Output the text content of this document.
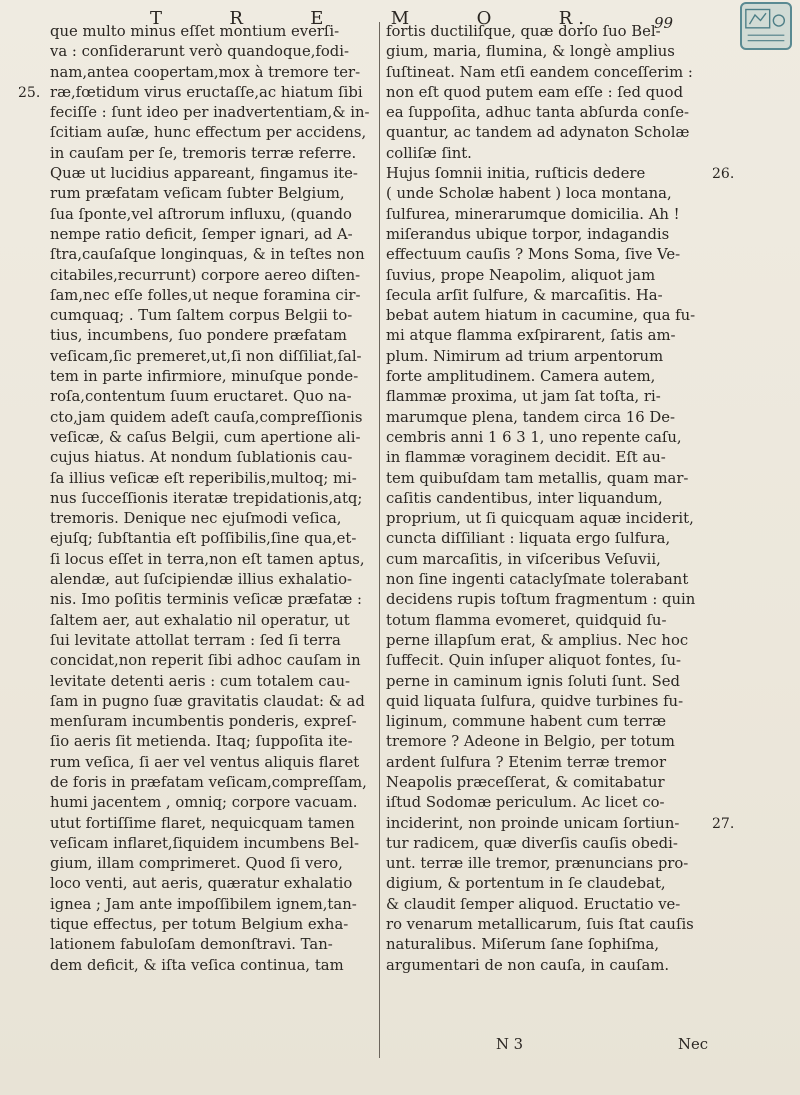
T	R	E	M	O	R.	99
25.
26.
27.
que multo minus eſſet montium everſi-
va : conſiderarunt verò quandoque,fodi-
nam,antea coopertam,mox à tremore ter-
ræ,fœtidum virus eructaſſe,ac hiatum ſibi
feciſſe : ſunt ideo per inadvertentiam,& in-
ſcitiam auſæ, hunc effectum per accidens,
in cauſam per ſe, tremoris terræ referre.
Quæ ut lucidius appareant, fingamus ite-
rum præfatam veſicam ſubter Belgium,
ſua ſponte,vel aſtrorum influxu, (quando
nempe ratio deficit, ſemper ignari, ad A-
ſtra,cauſaſque longinquas, & in teſtes non
citabiles,recurrunt) corpore aereo diſten-
ſam,nec eſſe folles,ut neque foramina cir-
cumquaq; . Tum ſaltem corpus Belgii to-
tius, incumbens, ſuo pondere præfatam
veſicam,ſic premeret,ut,ſi non diſſiliat,ſal-
tem in parte infirmiore, minuſque ponde-
roſa,contentum ſuum eructaret. Quo na-
cto,jam quidem adeſt cauſa,compreſſionis
veſicæ, & caſus Belgii, cum apertione ali-
cujus hiatus. At nondum ſublationis cau-
ſa illius veſicæ eſt reperibilis,multoq; mi-
nus ſucceſſionis iteratæ trepidationis,atq;
tremoris. Denique nec ejuſmodi veſica,
ejuſq; ſubſtantia eſt poſſibilis,ſine qua,et-
ſi locus eſſet in terra,non eſt tamen aptus,
alendæ, aut ſuſcipiendæ illius exhalatio-
nis. Imo poſitis terminis veſicæ præfatæ :
ſaltem aer, aut exhalatio nil operatur, ut
ſui levitate attollat terram : ſed ſi terra
concidat,non reperit ſibi adhoc cauſam in
levitate detenti aeris : cum totalem cau-
ſam in pugno ſuæ gravitatis claudat: & ad
menſuram incumbentis ponderis, expreſ-
ſio aeris ſit metienda. Itaq; ſuppoſita ite-
rum veſica, ſi aer vel ventus aliquis flaret
de foris in præfatam veſicam,compreſſam,
humi jacentem , omniq; corpore vacuam.
utut fortiſſime flaret, nequicquam tamen
veſicam inflaret,ſiquidem incumbens Bel-
gium, illam comprimeret. Quod ſi vero,
loco venti, aut aeris, quæratur exhalatio
ignea ; Jam ante impoſſibilem ignem,tan-
tique effectus, per totum Belgium exha-
lationem fabuloſam demonſtravi. Tan-
dem deficit, & iſta veſica continua, tam
fortis ductiliſque, quæ dorſo ſuo Bel-
gium, maria, flumina, & longè amplius
ſuſtineat. Nam etſi eandem conceſſerim :
non eſt quod putem eam eſſe : ſed quod
ea ſuppoſita, adhuc tanta abſurda conſe-
quantur, ac tandem ad adynaton Scholæ
colliſæ ſint.
Hujus ſomnii initia, ruſticis dedere
( unde Scholæ habent ) loca montana,
ſulfurea, minerarumque domicilia. Ah !
miſerandus ubique torpor, indagandis
effectuum cauſis ? Mons Soma, ſive Ve-
ſuvius, prope Neapolim, aliquot jam
ſecula arſit ſulfure, & marcaſitis. Ha-
bebat autem hiatum in cacumine, qua fu-
mi atque flamma exſpirarent, ſatis am-
plum. Nimirum ad trium arpentorum
forte amplitudinem. Camera autem,
flammæ proxima, ut jam ſat toſta, ri-
marumque plena, tandem circa 16 De-
cembris anni 1 6 3 1, uno repente caſu,
in flammæ voraginem decidit. Eſt au-
tem quibuſdam tam metallis, quam mar-
caſitis candentibus, inter liquandum,
proprium, ut ſi quicquam aquæ inciderit,
cuncta diſſiliant : liquata ergo ſulfura,
cum marcaſitis, in viſceribus Veſuvii,
non ſine ingenti cataclyſmate tolerabant
decidens rupis toſtum fragmentum : quin
totum flamma evomeret, quidquid ſu-
perne illapſum erat, & amplius. Nec hoc
ſuffecit. Quin inſuper aliquot fontes, ſu-
perne in caminum ignis ſoluti ſunt. Sed
quid liquata ſulfura, quidve turbines fu-
liginum, commune habent cum terræ
tremore ? Adeone in Belgio, per totum
ardent ſulfura ? Etenim terræ tremor
Neapolis præceſſerat, & comitabatur
iſtud Sodomæ periculum. Ac licet co-
inciderint, non proinde unicam ſortiun-
tur radicem, quæ diverſis cauſis obedi-
unt. terræ ille tremor, prænuncians pro-
digium, & portentum in ſe claudebat,
& claudit ſemper aliquod. Eructatio ve-
ro venarum metallicarum, ſuis ſtat cauſis
naturalibus. Miſerum ſane ſophiſma,
argumentari de non cauſa, in cauſam.
N 3	Nec
